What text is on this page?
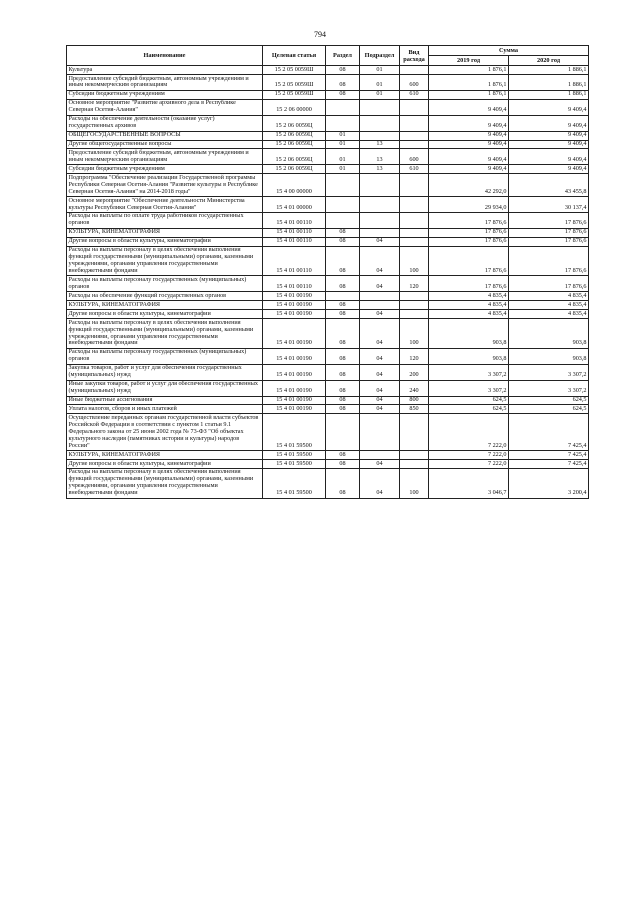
794
Наименование	Целевая статья	Раздел	Подраздел	Вид расхода	Сумма	
					2019 год	2020 год
Культура	15 2 05 0059Ш	08	01		1 876,1	1 886,1
Предоставление субсидий бюджетным, автономным учреждениям и иным некоммерческим организациям	15 2 05 0059Ш	08	01	600	1 876,1	1 886,1
Субсидии бюджетным учреждениям	15 2 05 0059Ш	08	01	610	1 876,1	1 886,1
Основное мероприятие "Развитие архивного дела в Республике Северная Осетия-Алания"	15 2 06 00000				9 409,4	9 409,4
Расходы на обеспечение деятельности (оказание услуг) государственных архивов	15 2 06 0059Ц				9 409,4	9 409,4
ОБЩЕГОСУДАРСТВЕННЫЕ ВОПРОСЫ	15 2 06 0059Ц	01			9 409,4	9 409,4
Другие общегосударственные вопросы	15 2 06 0059Ц	01	13		9 409,4	9 409,4
Предоставление субсидий бюджетным, автономным учреждениям и иным некоммерческим организациям	15 2 06 0059Ц	01	13	600	9 409,4	9 409,4
Субсидии бюджетным учреждениям	15 2 06 0059Ц	01	13	610	9 409,4	9 409,4
Подпрограмма "Обеспечение реализации Государственной программы Республики Северная Осетия-Алания "Развитие культуры в Республике Северная Осетия-Алания" на 2014-2018 годы"	15 4 00 00000				42 292,0	43 455,8
Основное мероприятие "Обеспечение деятельности Министерства культуры Республики Северная Осетия-Алания"	15 4 01 00000				29 934,0	30 137,4
Расходы на выплаты по оплате труда работников государственных органов	15 4 01 00110				17 876,6	17 876,6
КУЛЬТУРА, КИНЕМАТОГРАФИЯ	15 4 01 00110	08			17 876,6	17 876,6
Другие вопросы в области культуры, кинематографии	15 4 01 00110	08	04		17 876,6	17 876,6
Расходы на выплаты персоналу в целях обеспечения выполнения функций государственными (муниципальными) органами, казенными учреждениями, органами управления государственными внебюджетными фондами	15 4 01 00110	08	04	100	17 876,6	17 876,6
Расходы на выплаты персоналу государственных (муниципальных) органов	15 4 01 00110	08	04	120	17 876,6	17 876,6
Расходы на обеспечение функций государственных органов	15 4 01 00190				4 835,4	4 835,4
КУЛЬТУРА, КИНЕМАТОГРАФИЯ	15 4 01 00190	08			4 835,4	4 835,4
Другие вопросы в области культуры, кинематографии	15 4 01 00190	08	04		4 835,4	4 835,4
Расходы на выплаты персоналу в целях обеспечения выполнения функций государственными (муниципальными) органами, казенными учреждениями, органами управления государственными внебюджетными фондами	15 4 01 00190	08	04	100	903,8	903,8
Расходы на выплаты персоналу государственных (муниципальных) органов	15 4 01 00190	08	04	120	903,8	903,8
Закупка товаров, работ и услуг для обеспечения государственных (муниципальных) нужд	15 4 01 00190	08	04	200	3 307,2	3 307,2
Иные закупки товаров, работ и услуг для обеспечения государственных (муниципальных) нужд	15 4 01 00190	08	04	240	3 307,2	3 307,2
Иные бюджетные ассигнования	15 4 01 00190	08	04	800	624,5	624,5
Уплата налогов, сборов и иных платежей	15 4 01 00190	08	04	850	624,5	624,5
Осуществление переданных органам государственной власти субъектов Российской Федерации в соответствии с пунктом 1 статьи 9.1 Федерального закона от 25 июня 2002 года № 73-ФЗ "Об объектах культурного наследия (памятниках истории и культуры) народов России"	15 4 01 59500				7 222,0	7 425,4
КУЛЬТУРА, КИНЕМАТОГРАФИЯ	15 4 01 59500	08			7 222,0	7 425,4
Другие вопросы в области культуры, кинематографии	15 4 01 59500	08	04		7 222,0	7 425,4
Расходы на выплаты персоналу в целях обеспечения выполнения функций государственными (муниципальными) органами, казенными учреждениями, органами управления государственными внебюджетными фондами	15 4 01 59500	08	04	100	3 046,7	3 200,4
